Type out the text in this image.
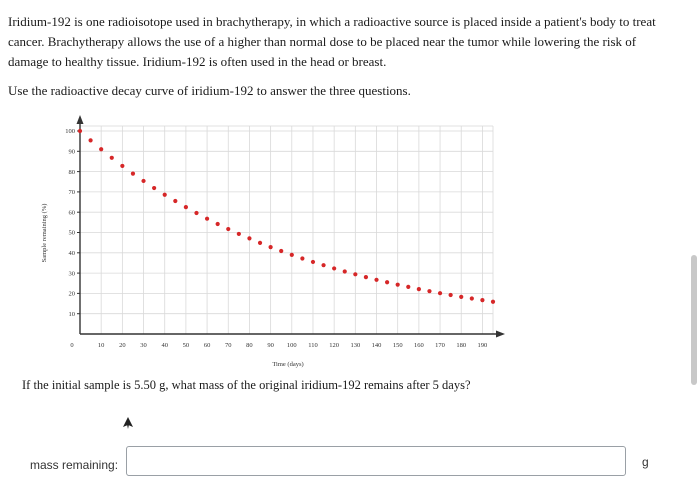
Iridium-192 is one radioisotope used in brachytherapy, in which a radioactive source is placed inside a patient's body to treat cancer. Brachytherapy allows the use of a higher than normal dose to be placed near the tumor while lowering the risk of damage to healthy tissue. Iridium-192 is often used in the head or breast.
Use the radioactive decay curve of iridium-192 to answer the three questions.
10
20
30
40
50
60
70
80
90
100
0	10 20 30 40 50 60 70 80 90 100 110 120 130 140 150 160 170 180 190
Time (days)
Sample remaining (%)
If the initial sample is 5.50 g, what mass of the original iridium-192 remains after 5 days?
mass remaining:	g
